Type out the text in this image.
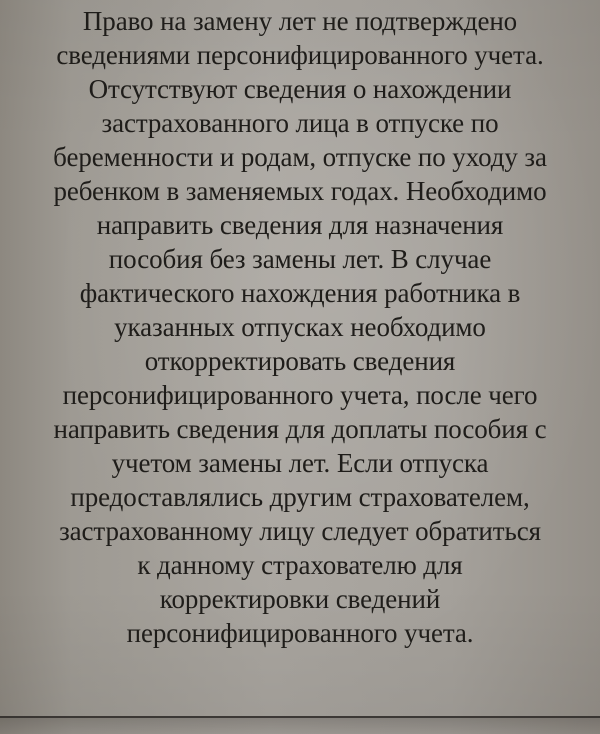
Право на замену лет не подтверждено
сведениями персонифицированного учета.
Отсутствуют сведения о нахождении
застрахованного лица в отпуске по
беременности и родам, отпуске по уходу за
ребенком в заменяемых годах. Необходимо
направить сведения для назначения
пособия без замены лет. В случае
фактического нахождения работника в
указанных отпусках необходимо
откорректировать сведения
персонифицированного учета, после чего
направить сведения для доплаты пособия с
учетом замены лет. Если отпуска
предоставлялись другим страхователем,
застрахованному лицу следует обратиться
к данному страхователю для
корректировки сведений
персонифицированного учета.
